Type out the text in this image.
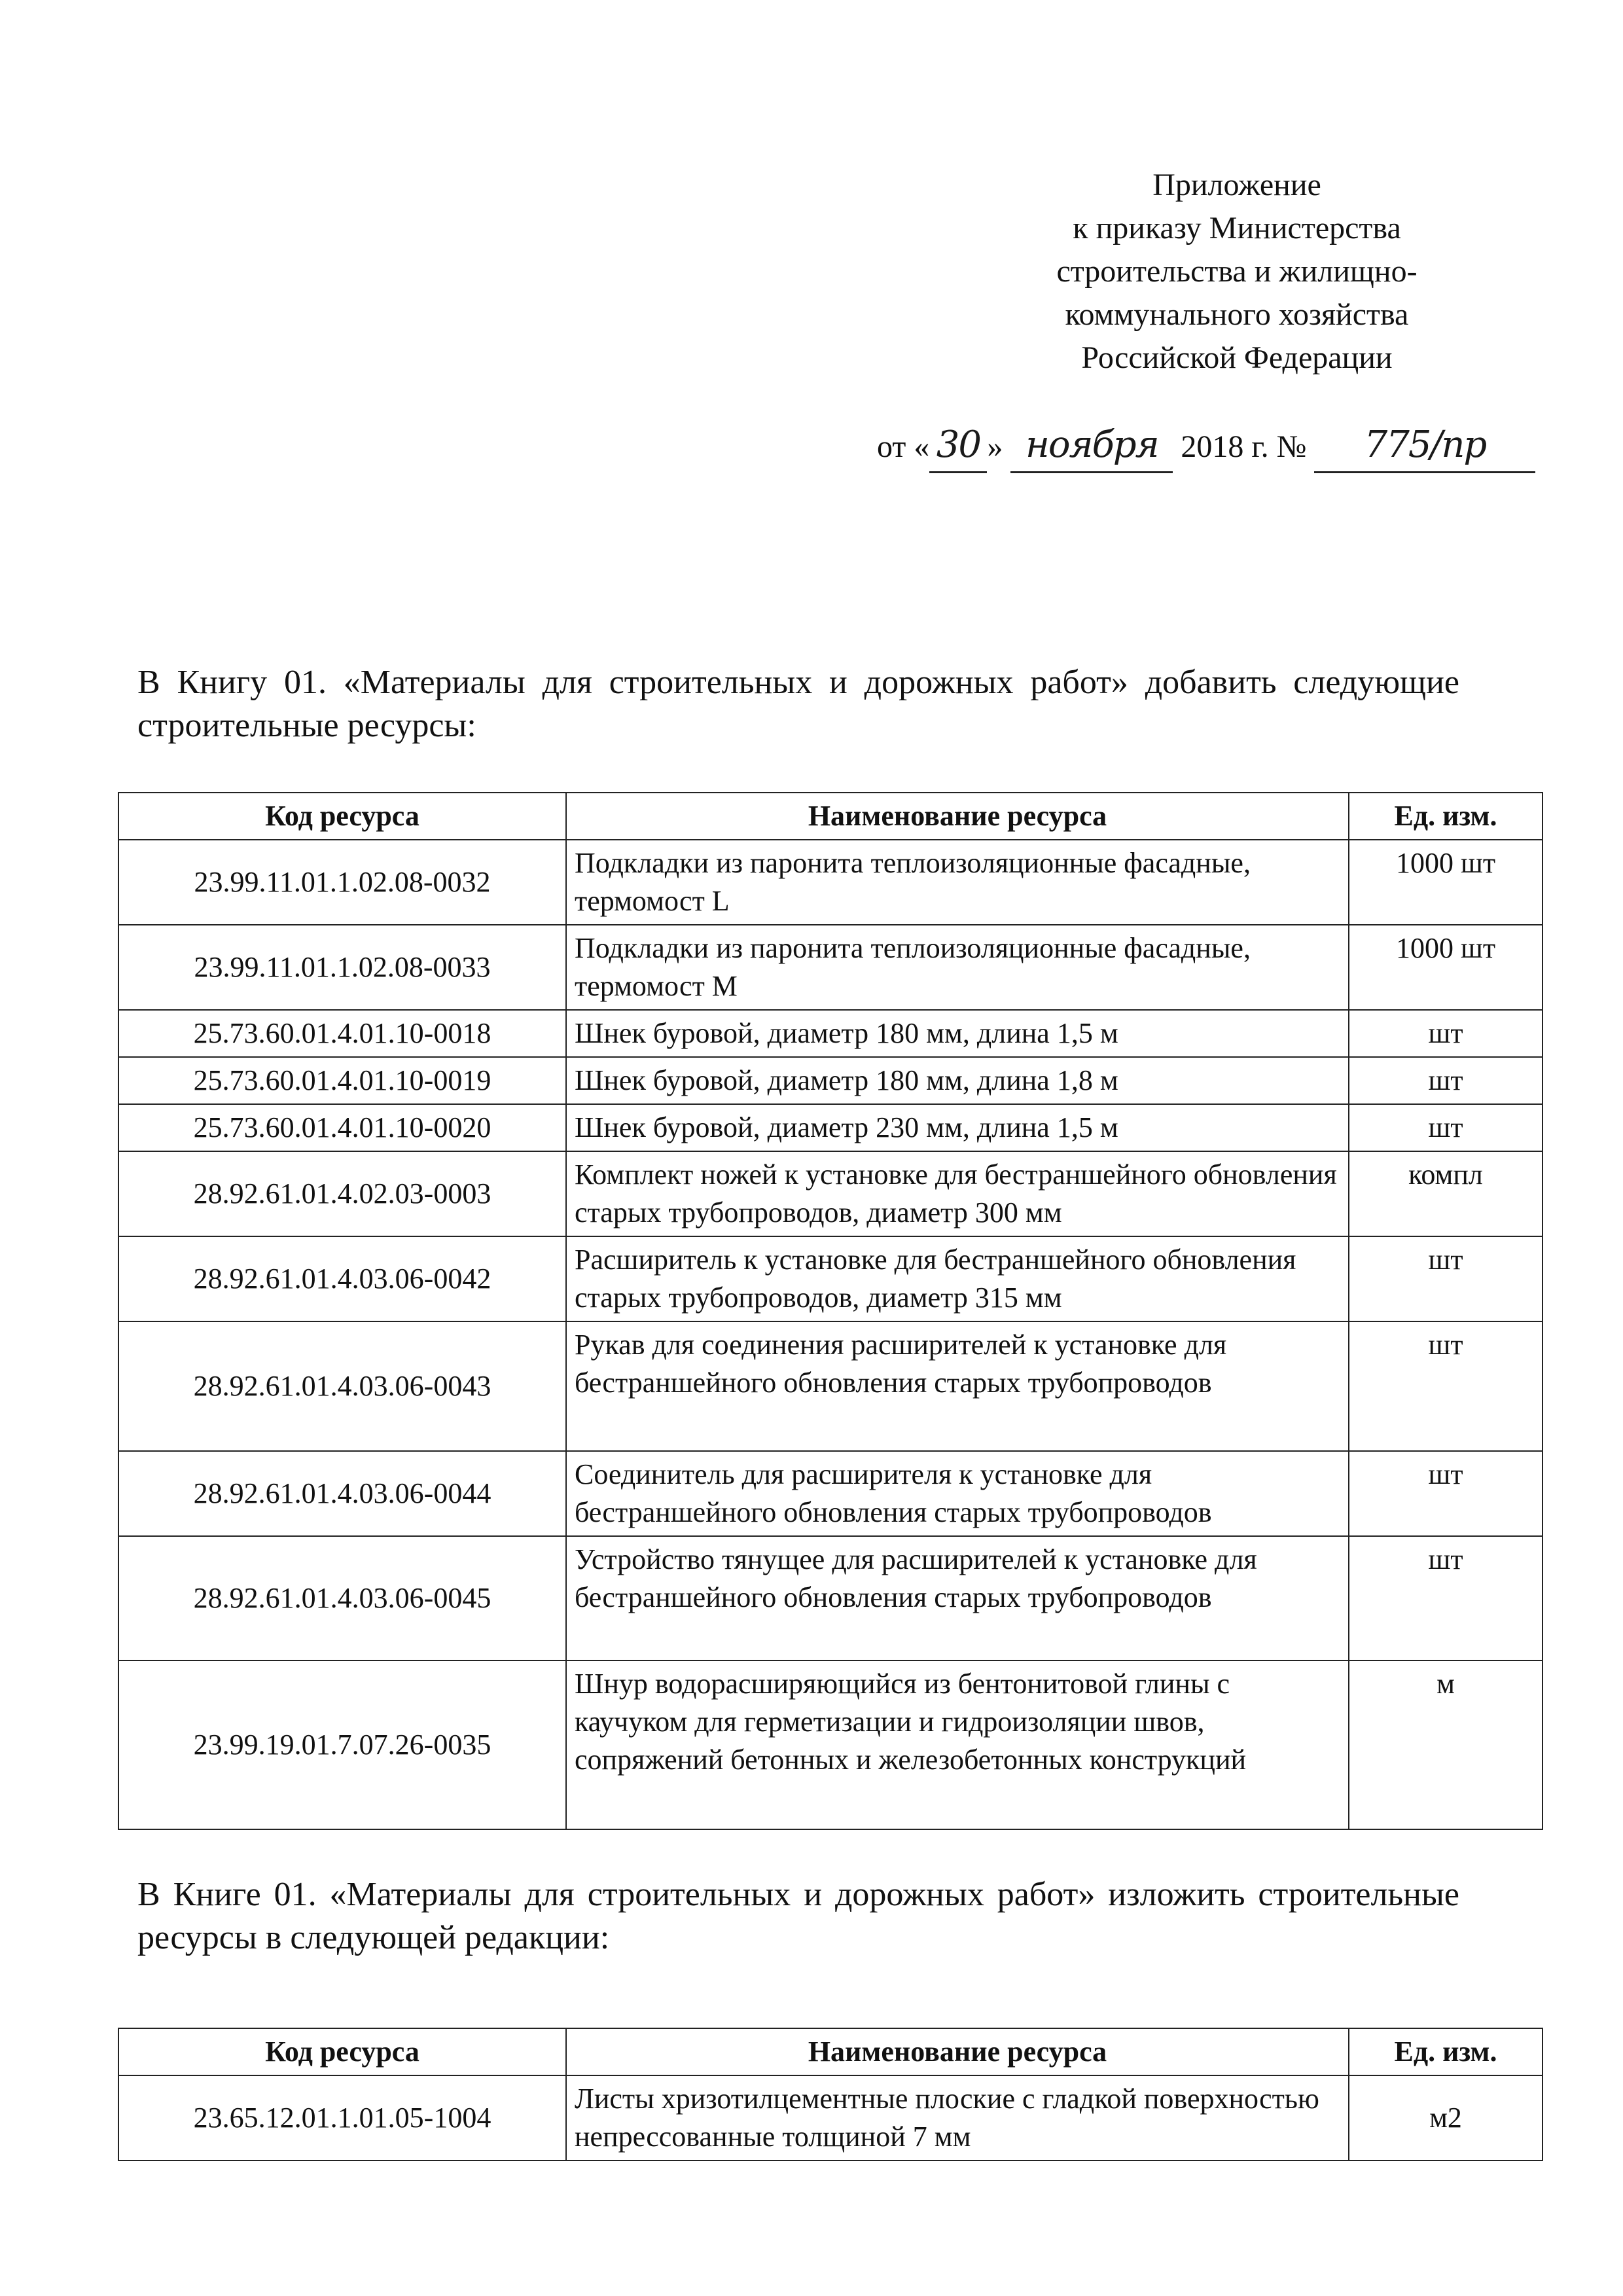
Приложение
к приказу Министерства
строительства и жилищно-
коммунального хозяйства
Российской Федерации
от « 30 » ноября 2018 г. № 775/пр
В Книгу 01. «Материалы для строительных и дорожных работ» добавить следующие строительные ресурсы:
Код ресурса	Наименование ресурса	Ед. изм.
23.99.11.01.1.02.08-0032	Подкладки из паронита теплоизоляционные фасадные, термомост L	1000 шт
23.99.11.01.1.02.08-0033	Подкладки из паронита теплоизоляционные фасадные, термомост М	1000 шт
25.73.60.01.4.01.10-0018	Шнек буровой, диаметр 180 мм, длина 1,5 м	шт
25.73.60.01.4.01.10-0019	Шнек буровой, диаметр 180 мм, длина 1,8 м	шт
25.73.60.01.4.01.10-0020	Шнек буровой, диаметр 230 мм, длина 1,5 м	шт
28.92.61.01.4.02.03-0003	Комплект ножей к установке для бестраншейного обновления старых трубопроводов, диаметр 300 мм	компл
28.92.61.01.4.03.06-0042	Расширитель к установке для бестраншейного обновления старых трубопроводов, диаметр 315 мм	шт
28.92.61.01.4.03.06-0043	Рукав для соединения расширителей к установке для бестраншейного обновления старых трубопроводов	шт
28.92.61.01.4.03.06-0044	Соединитель для расширителя к установке для бестраншейного обновления старых трубопроводов	шт
28.92.61.01.4.03.06-0045	Устройство тянущее для расширителей к установке для бестраншейного обновления старых трубопроводов	шт
23.99.19.01.7.07.26-0035	Шнур водорасширяющийся из бентонитовой глины с каучуком для герметизации и гидроизоляции швов, сопряжений бетонных и железобетонных конструкций	м
В Книге 01. «Материалы для строительных и дорожных работ» изложить строительные ресурсы в следующей редакции:
Код ресурса	Наименование ресурса	Ед. изм.
23.65.12.01.1.01.05-1004	Листы хризотилцементные плоские с гладкой поверхностью непрессованные толщиной 7 мм	м2
